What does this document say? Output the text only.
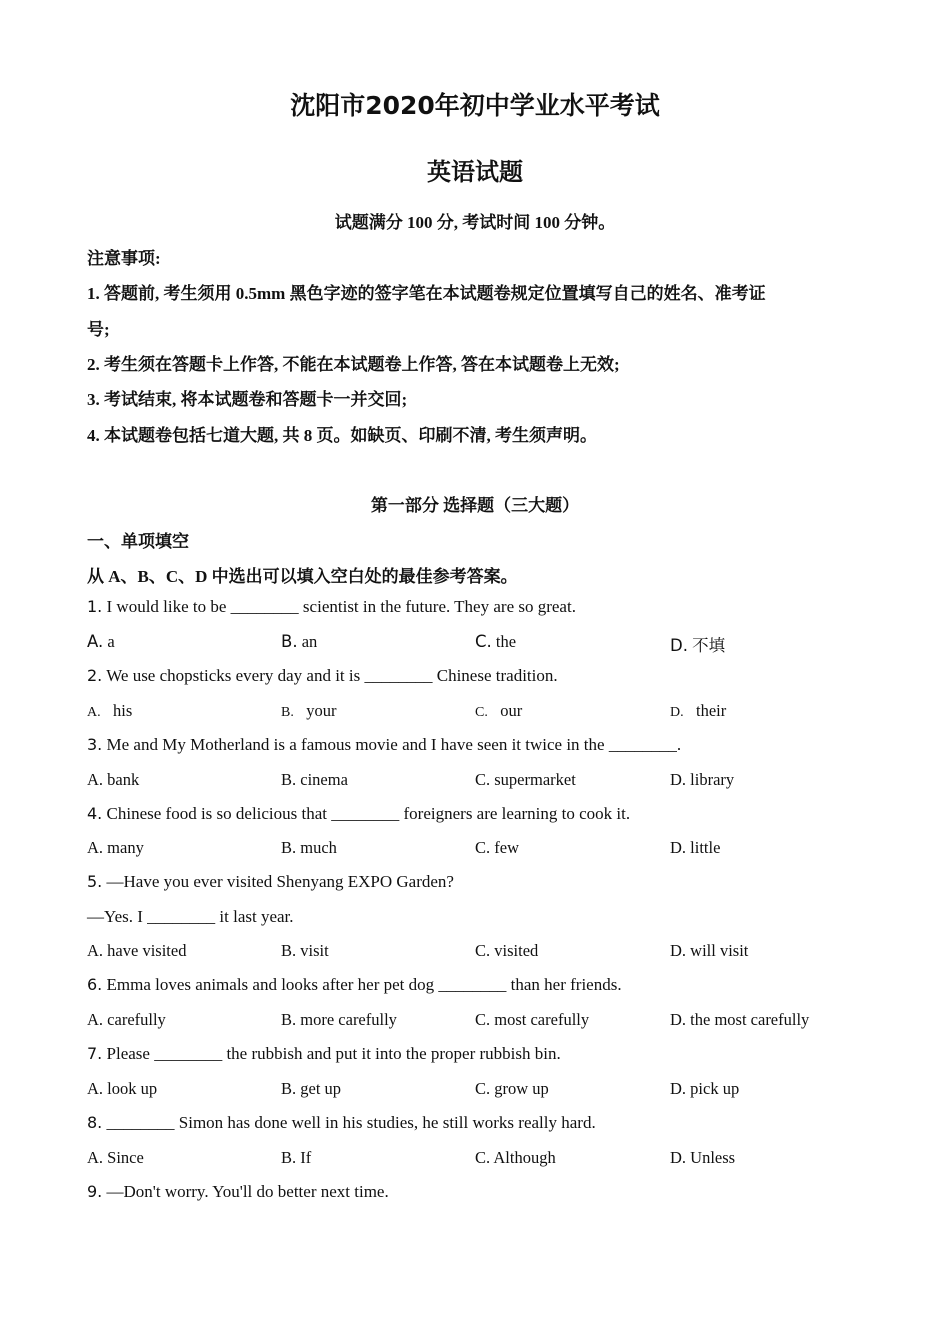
沈阳市2020年初中学业水平考试
英语试题
试题满分 100 分, 考试时间 100 分钟。
注意事项:
1. 答题前, 考生须用 0.5mm 黑色字迹的签字笔在本试题卷规定位置填写自己的姓名、准考证
号;
2. 考生须在答题卡上作答, 不能在本试题卷上作答, 答在本试题卷上无效;
3. 考试结束, 将本试题卷和答题卡一并交回;
4. 本试题卷包括七道大题, 共 8 页。如缺页、印刷不清, 考生须声明。
第一部分 选择题（三大题）
一、单项填空
从 A、B、C、D 中选出可以填入空白处的最佳参考答案。
1. I would like to be ________ scientist in the future. They are so great.
A. a	B. an	C. the	D. 不填
2. We use chopsticks every day and it is ________ Chinese tradition.
A.   his	B.   your	C.   our	D.   their
3. Me and My Motherland is a famous movie and I have seen it twice in the ________.
A. bank	B. cinema	C. supermarket	D. library
4. Chinese food is so delicious that ________ foreigners are learning to cook it.
A. many	B. much	C. few	D. little
5. —Have you ever visited Shenyang EXPO Garden?
—Yes. I ________ it last year.
A. have visited	B. visit	C. visited	D. will visit
6. Emma loves animals and looks after her pet dog ________ than her friends.
A. carefully	B. more carefully	C. most carefully	D. the most carefully
7. Please ________ the rubbish and put it into the proper rubbish bin.
A. look up	B. get up	C. grow up	D. pick up
8. ________ Simon has done well in his studies, he still works really hard.
A. Since	B. If	C. Although	D. Unless
9. —Don't worry. You'll do better next time.
